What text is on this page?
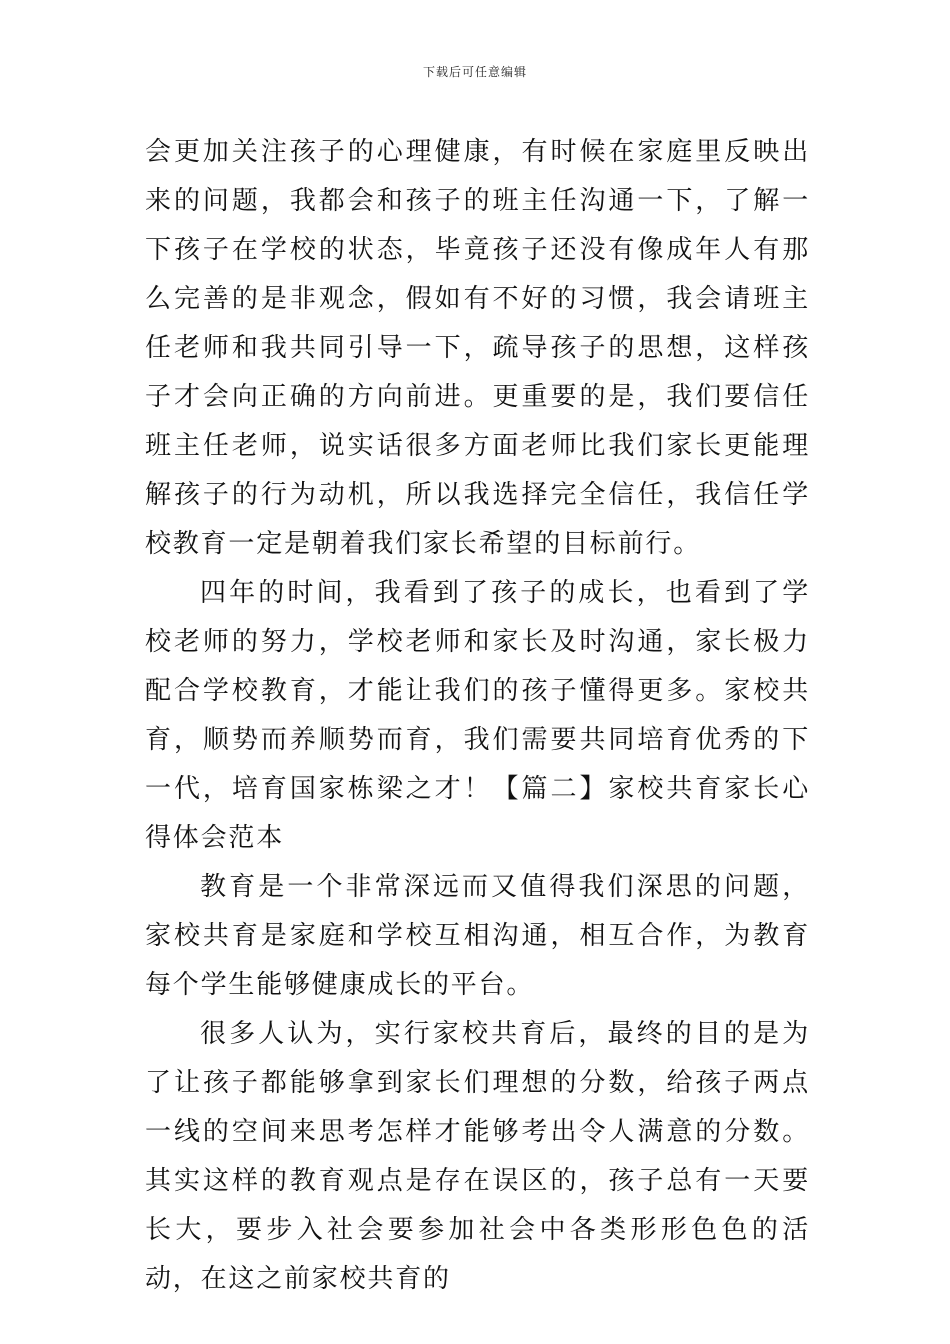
下载后可任意编辑

会更加关注孩子的心理健康，有时候在家庭里反映出来的问题，我都会和孩子的班主任沟通一下，了解一下孩子在学校的状态，毕竟孩子还没有像成年人有那么完善的是非观念，假如有不好的习惯，我会请班主任老师和我共同引导一下，疏导孩子的思想，这样孩子才会向正确的方向前进。更重要的是，我们要信任班主任老师，说实话很多方面老师比我们家长更能理解孩子的行为动机，所以我选择完全信任，我信任学校教育一定是朝着我们家长希望的目标前行。

四年的时间，我看到了孩子的成长，也看到了学校老师的努力，学校老师和家长及时沟通，家长极力配合学校教育，才能让我们的孩子懂得更多。家校共育，顺势而养顺势而育，我们需要共同培育优秀的下一代，培育国家栋梁之才！【篇二】家校共育家长心得体会范本

教育是一个非常深远而又值得我们深思的问题，家校共育是家庭和学校互相沟通，相互合作，为教育每个学生能够健康成长的平台。

很多人认为，实行家校共育后，最终的目的是为了让孩子都能够拿到家长们理想的分数，给孩子两点一线的空间来思考怎样才能够考出令人满意的分数。其实这样的教育观点是存在误区的，孩子总有一天要长大，要步入社会要参加社会中各类形形色色的活动，在这之前家校共育的
